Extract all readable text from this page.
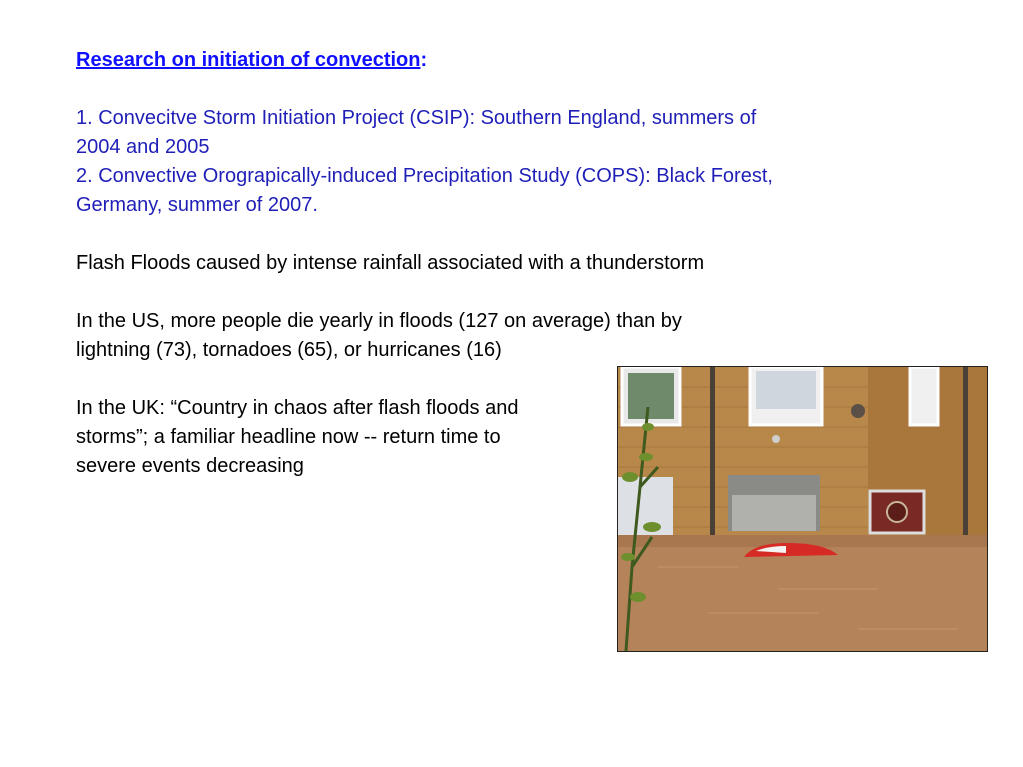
Research on initiation of convection:
1. Convecitve Storm Initiation Project (CSIP): Southern England, summers of
2004 and 2005
2. Convective Orograpically-induced Precipitation Study (COPS): Black Forest,
Germany, summer of 2007.
Flash Floods caused by intense rainfall associated with a thunderstorm
In the US, more people die yearly in floods (127 on average) than by
lightning (73), tornadoes (65), or hurricanes (16)
In the UK: “Country in chaos after flash floods and
storms”; a familiar headline now -- return time to
severe events decreasing
